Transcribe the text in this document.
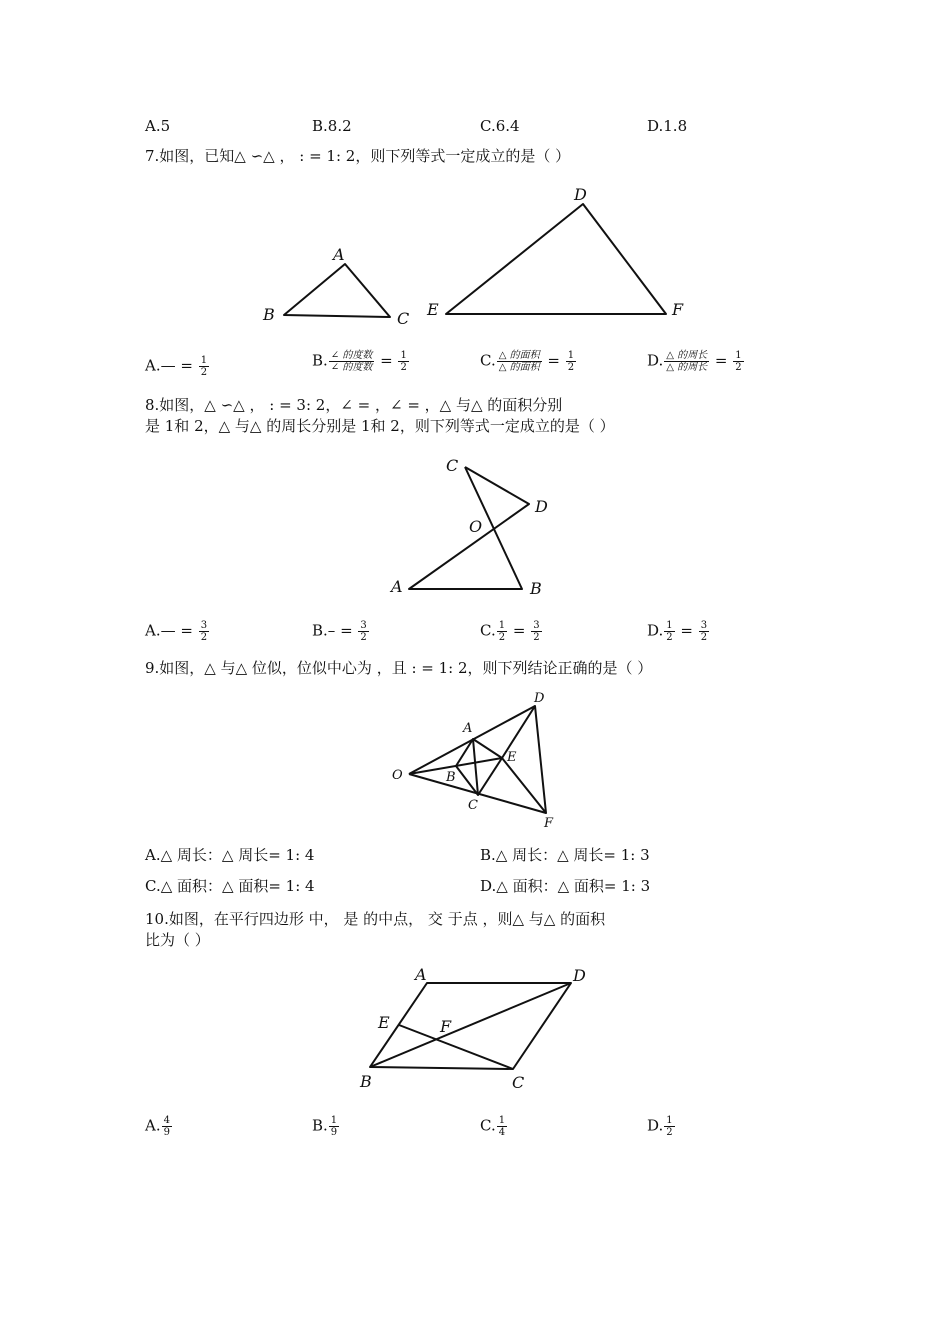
A.5	B.8.2	C.6.4	D.1.8
7.如图，已知△ ∽△ ， : = 1: 2，则下列等式一定成立的是（ ）
A
B	C
D
E	F
A.— = $\frac{1}{2}$	B. $\frac{\text{∠ 的度数}}{\text{∠ 的度数}} = \frac{1}{2}$	C. $\frac{\text{△ 的面积}}{\text{△ 的面积}} = \frac{1}{2}$	D. $\frac{\text{△ 的周长}}{\text{△ 的周长}} = \frac{1}{2}$
8.如图，△ ∽△ ， : = 3: 2，∠ = ，∠ = ，△ 与△ 的面积分别
是 1和 2，△ 与△ 的周长分别是 1和 2，则下列等式一定成立的是（ ）
C
D
O
A	B
A.— = $\frac{3}{2}$	$B.- = \frac{3}{2}$	C. $\frac{1}{2} = \frac{3}{2}$	D. $\frac{1}{2} = \frac{3}{2}$
9.如图，△ 与△ 位似，位似中心为 ，且 : = 1: 2，则下列结论正确的是（ ）
A
B
C
D
E
F
O
A.△ 周长：△ 周长= 1: 4	B.△ 周长：△ 周长= 1: 3
C.△ 面积：△ 面积= 1: 4	D.△ 面积：△ 面积= 1: 3
10.如图，在平行四边形 中， 是 的中点， 交 于点 ，则△ 与△ 的面积
比为（ ）
A	D
E	F
B	C
A. $\frac{4}{9}$	B. $\frac{1}{9}$	C. $\frac{1}{4}$	D. $\frac{1}{2}$
